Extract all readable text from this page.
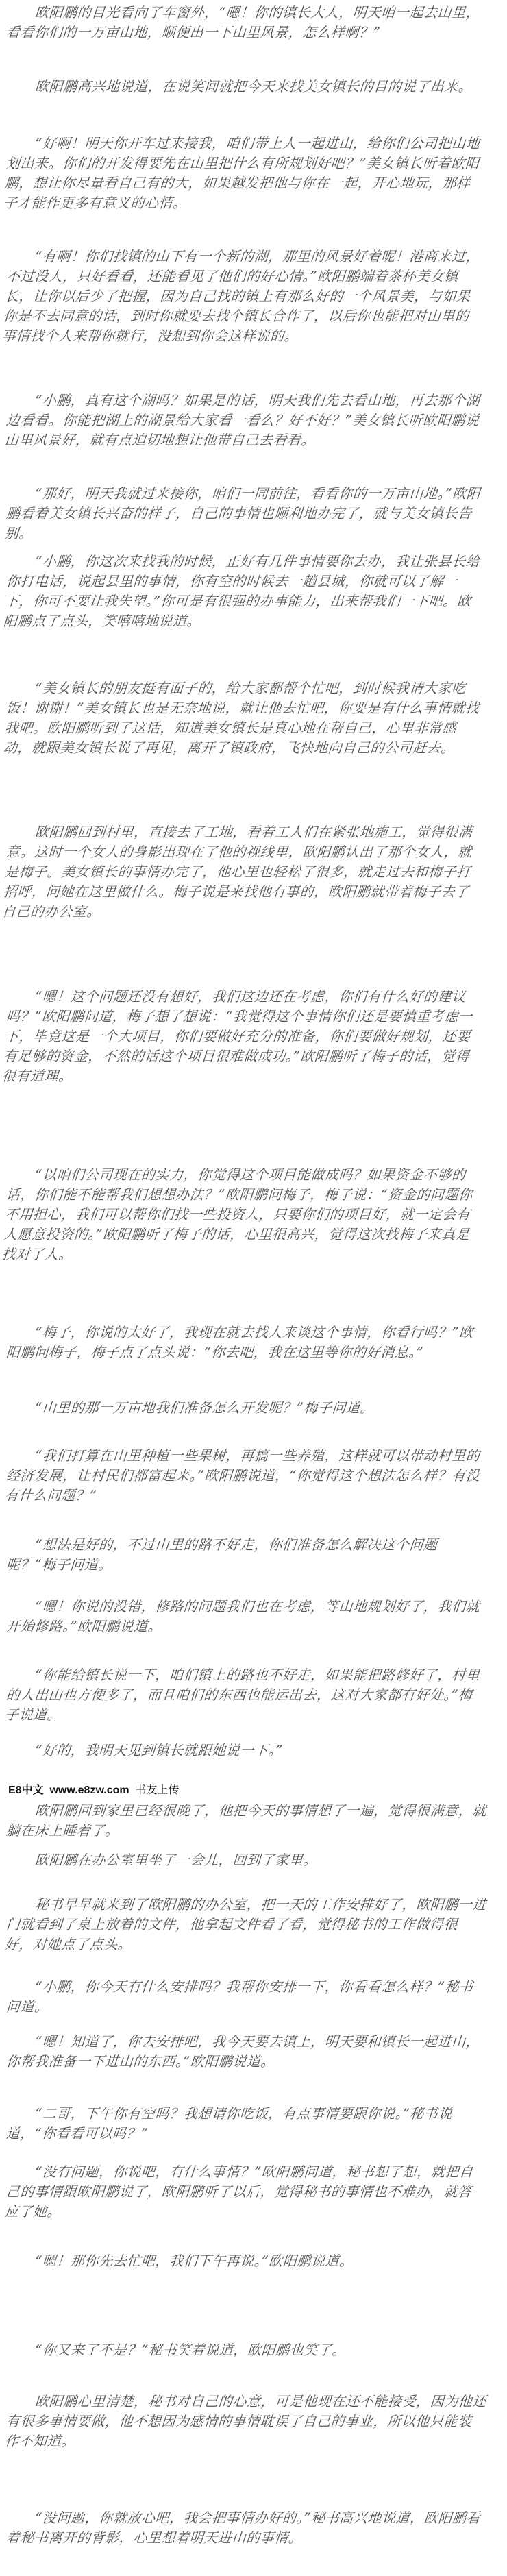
欧阳鹏的目光看向了车窗外，“嗯！你的镇长大人，明天咱一起去山里，看看你们的一万亩山地，顺便出一下山里风景，怎么样啊？”

欧阳鹏高兴地说道，在说笑间就把今天来找美女镇长的目的说了出来。

“好啊！明天你开车过来接我，咱们带上人一起进山，给你们公司把山地划出来。你们的开发得要先在山里把什么有所规划好吧？”美女镇长听着欧阳鹏，想让你尽量看自己有的大，如果越发把他与你在一起，开心地玩，那样子才能作更多有意义的心情。

“有啊！你们找镇的山下有一个新的湖，那里的风景好着呢！港商来过，不过没人，只好看看，还能看见了他们的好心情。”欧阳鹏端着茶杯美女镇长，让你以后少了把握，因为自己找的镇上有那么好的一个风景美，与如果你是不去同意的话，到时你就要去找个镇长合作了，以后你也能把对山里的事情找个人来帮你就行，没想到你会这样说的。

“小鹏，真有这个湖吗？如果是的话，明天我们先去看山地，再去那个湖边看看。你能把湖上的湖景给大家看一看么？好不好？”美女镇长听欧阳鹏说山里风景好，就有点迫切地想让他带自己去看看。

“那好，明天我就过来接你，咱们一同前往，看看你的一万亩山地。”欧阳鹏看着美女镇长兴奋的样子，自己的事情也顺利地办完了，就与美女镇长告别。

“小鹏，你这次来找我的时候，正好有几件事情要你去办，我让张县长给你打电话，说起县里的事情，你有空的时候去一趟县城，你就可以了解一下，你可不要让我失望。”你可是有很强的办事能力，出来帮我们一下吧。欧阳鹏点了点头，笑嘻嘻地说道。

“美女镇长的朋友挺有面子的，给大家都帮个忙吧，到时候我请大家吃饭！谢谢！”美女镇长也是无奈地说，就让他去忙吧，你要是有什么事情就找我吧。欧阳鹏听到了这话，知道美女镇长是真心地在帮自己，心里非常感动，就跟美女镇长说了再见，离开了镇政府，飞快地向自己的公司赶去。

欧阳鹏回到村里，直接去了工地，看着工人们在紧张地施工，觉得很满意。这时一个女人的身影出现在了他的视线里，欧阳鹏认出了那个女人，就是梅子。美女镇长的事情办完了，他心里也轻松了很多，就走过去和梅子打招呼，问她在这里做什么。梅子说是来找他有事的，欧阳鹏就带着梅子去了自己的办公室。

“嗯！这个问题还没有想好，我们这边还在考虑，你们有什么好的建议吗？”欧阳鹏问道，梅子想了想说：“我觉得这个事情你们还是要慎重考虑一下，毕竟这是一个大项目，你们要做好充分的准备，你们要做好规划，还要有足够的资金，不然的话这个项目很难做成功。”欧阳鹏听了梅子的话，觉得很有道理。

“以咱们公司现在的实力，你觉得这个项目能做成吗？如果资金不够的话，你们能不能帮我们想想办法？”欧阳鹏问梅子，梅子说：“资金的问题你不用担心，我们可以帮你们找一些投资人，只要你们的项目好，就一定会有人愿意投资的。”欧阳鹏听了梅子的话，心里很高兴，觉得这次找梅子来真是找对了人。

“梅子，你说的太好了，我现在就去找人来谈这个事情，你看行吗？”欧阳鹏问梅子，梅子点了点头说：“你去吧，我在这里等你的好消息。”

“山里的那一万亩地我们准备怎么开发呢？”梅子问道。

“我们打算在山里种植一些果树，再搞一些养殖，这样就可以带动村里的经济发展，让村民们都富起来。”欧阳鹏说道，“你觉得这个想法怎么样？有没有什么问题？”

“想法是好的，不过山里的路不好走，你们准备怎么解决这个问题呢？”梅子问道。

“嗯！你说的没错，修路的问题我们也在考虑，等山地规划好了，我们就开始修路。”欧阳鹏说道。

“你能给镇长说一下，咱们镇上的路也不好走，如果能把路修好了，村里的人出山也方便多了，而且咱们的东西也能运出去，这对大家都有好处。”梅子说道。

“好的，我明天见到镇长就跟她说一下。”

E8中文 www.e8zw.com 书友上传

欧阳鹏回到家里已经很晚了，他把今天的事情想了一遍，觉得很满意，就躺在床上睡着了。

欧阳鹏在办公室里坐了一会儿，回到了家里。

秘书早早就来到了欧阳鹏的办公室，把一天的工作安排好了，欧阳鹏一进门就看到了桌上放着的文件，他拿起文件看了看，觉得秘书的工作做得很好，对她点了点头。

“小鹏，你今天有什么安排吗？我帮你安排一下，你看看怎么样？”秘书问道。

“嗯！知道了，你去安排吧，我今天要去镇上，明天要和镇长一起进山，你帮我准备一下进山的东西。”欧阳鹏说道。

“二哥，下午你有空吗？我想请你吃饭，有点事情要跟你说。”秘书说道，“你看看可以吗？”

“没有问题，你说吧，有什么事情？”欧阳鹏问道，秘书想了想，就把自己的事情跟欧阳鹏说了，欧阳鹏听了以后，觉得秘书的事情也不难办，就答应了她。

“嗯！那你先去忙吧，我们下午再说。”欧阳鹏说道。

“你又来了不是？”秘书笑着说道，欧阳鹏也笑了。

欧阳鹏心里清楚，秘书对自己的心意，可是他现在还不能接受，因为他还有很多事情要做，他不想因为感情的事情耽误了自己的事业，所以他只能装作不知道。

“没问题，你就放心吧，我会把事情办好的。”秘书高兴地说道，欧阳鹏看着秘书离开的背影，心里想着明天进山的事情。
